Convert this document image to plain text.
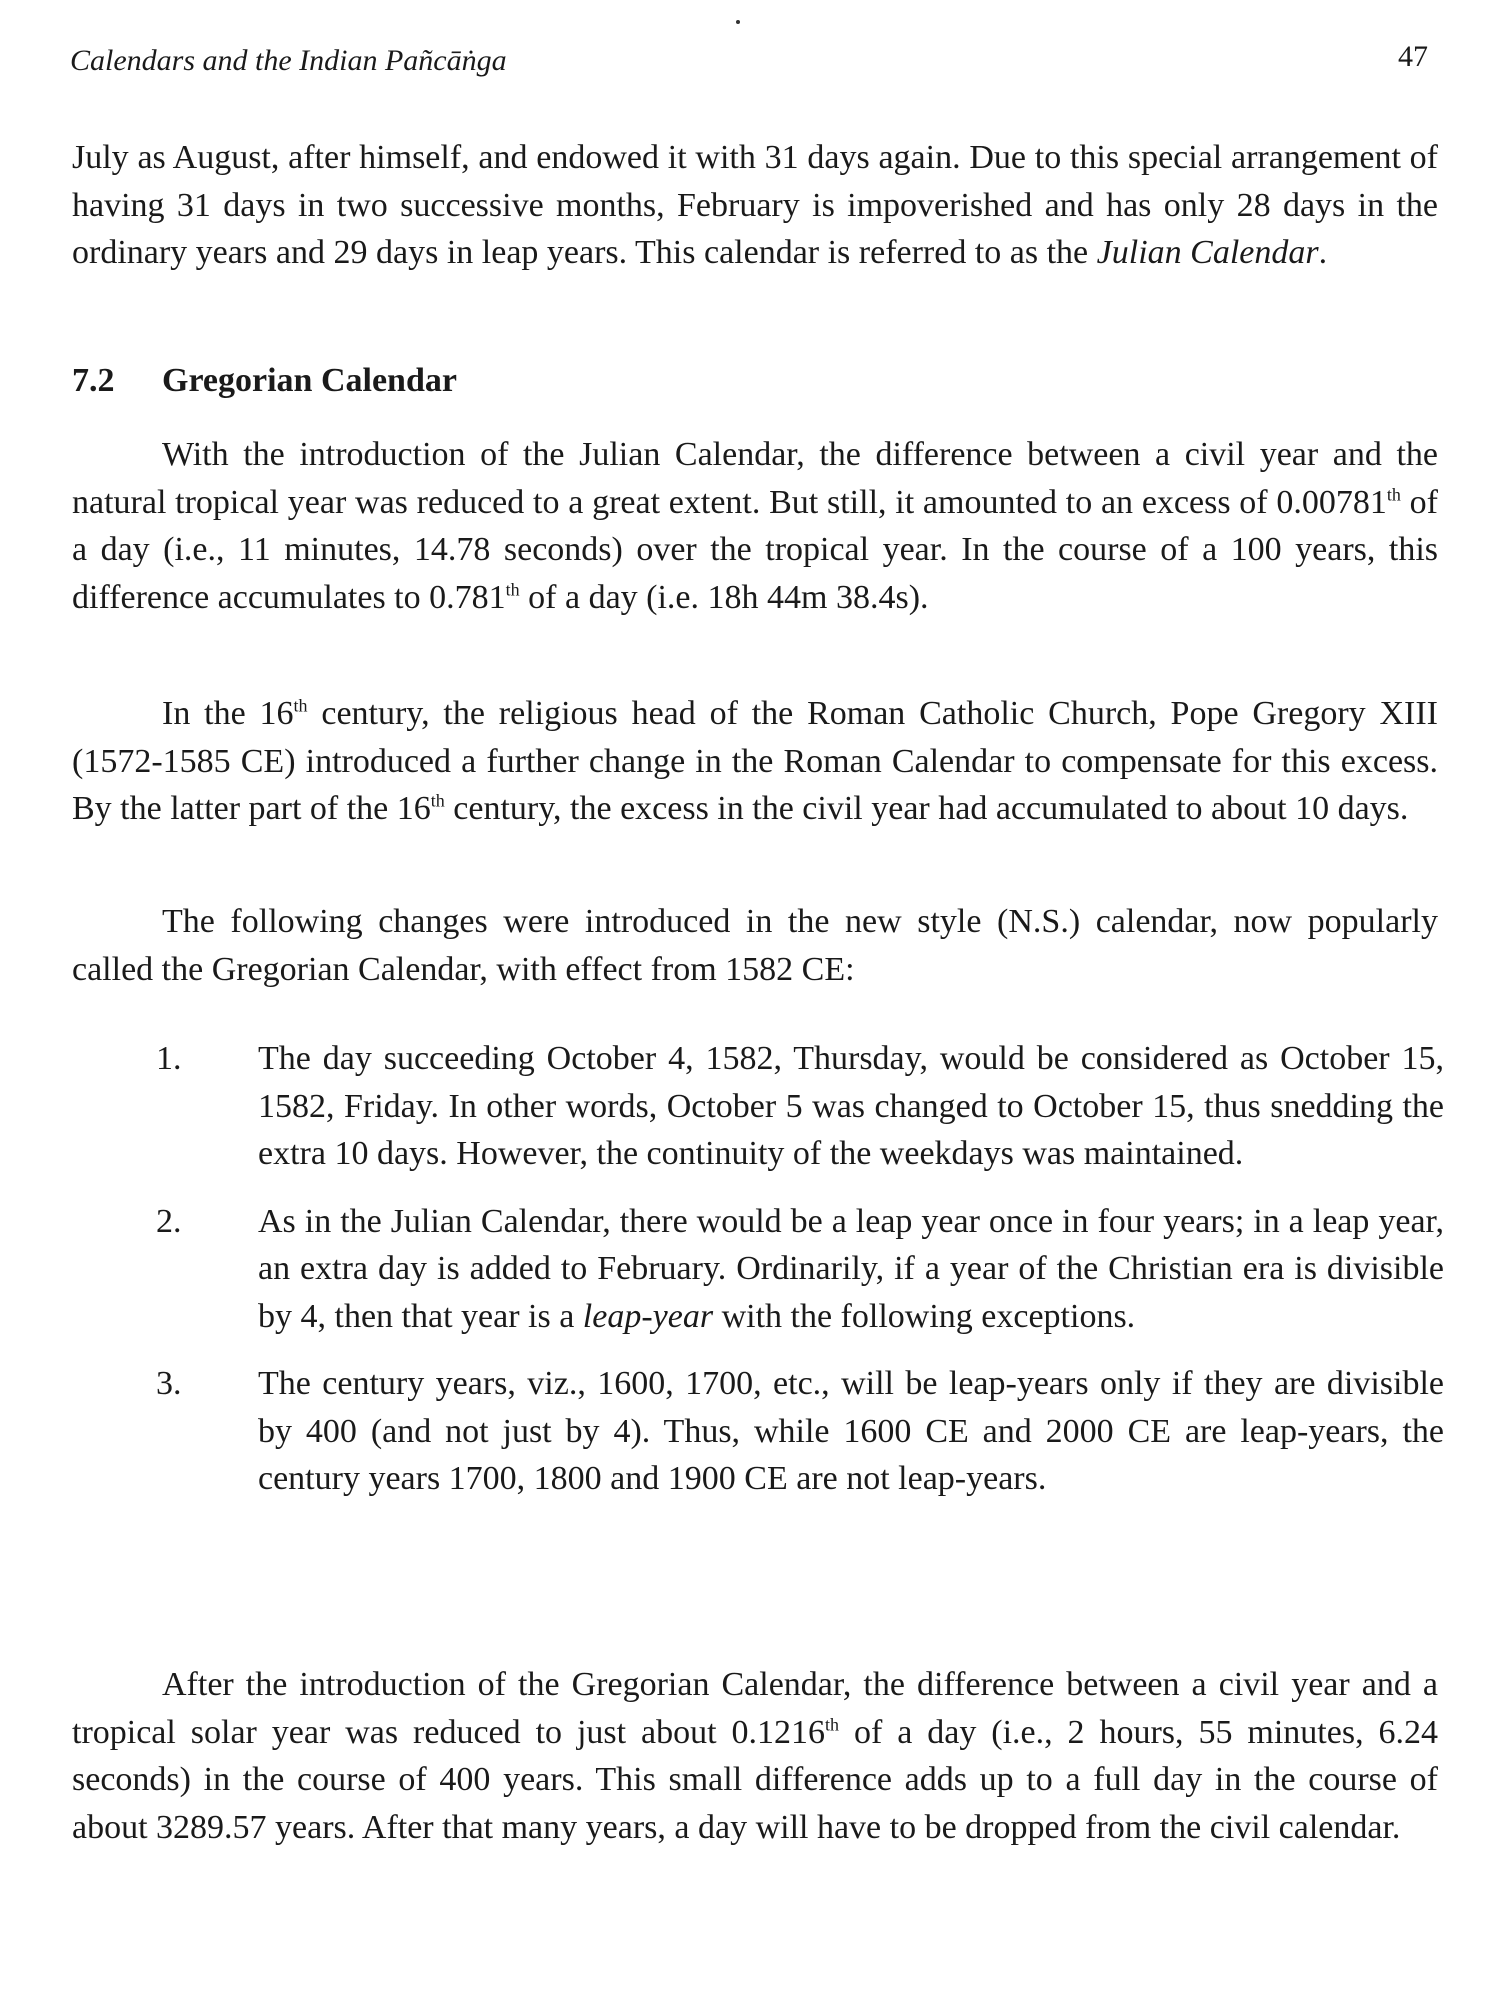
Calendars and the Indian Pañcāṅga	47

July as August, after himself, and endowed it with 31 days again. Due to this special arrangement of having 31 days in two successive months, February is impoverished and has only 28 days in the ordinary years and 29 days in leap years. This calendar is referred to as the Julian Calendar.

7.2 Gregorian Calendar

With the introduction of the Julian Calendar, the difference between a civil year and the natural tropical year was reduced to a great extent. But still, it amounted to an excess of 0.00781th of a day (i.e., 11 minutes, 14.78 seconds) over the tropical year. In the course of a 100 years, this difference accumulates to 0.781th of a day (i.e. 18h 44m 38.4s).

In the 16th century, the religious head of the Roman Catholic Church, Pope Gregory XIII (1572-1585 CE) introduced a further change in the Roman Calendar to compensate for this excess. By the latter part of the 16th century, the excess in the civil year had accumulated to about 10 days.

The following changes were introduced in the new style (N.S.) calendar, now popularly called the Gregorian Calendar, with effect from 1582 CE:

1. The day succeeding October 4, 1582, Thursday, would be considered as October 15, 1582, Friday. In other words, October 5 was changed to October 15, thus snedding the extra 10 days. However, the continuity of the weekdays was maintained.
2. As in the Julian Calendar, there would be a leap year once in four years; in a leap year, an extra day is added to February. Ordinarily, if a year of the Christian era is divisible by 4, then that year is a leap-year with the following exceptions.
3. The century years, viz., 1600, 1700, etc., will be leap-years only if they are divisible by 400 (and not just by 4). Thus, while 1600 CE and 2000 CE are leap-years, the century years 1700, 1800 and 1900 CE are not leap-years.

After the introduction of the Gregorian Calendar, the difference between a civil year and a tropical solar year was reduced to just about 0.1216th of a day (i.e., 2 hours, 55 minutes, 6.24 seconds) in the course of 400 years. This small difference adds up to a full day in the course of about 3289.57 years. After that many years, a day will have to be dropped from the civil calendar.
